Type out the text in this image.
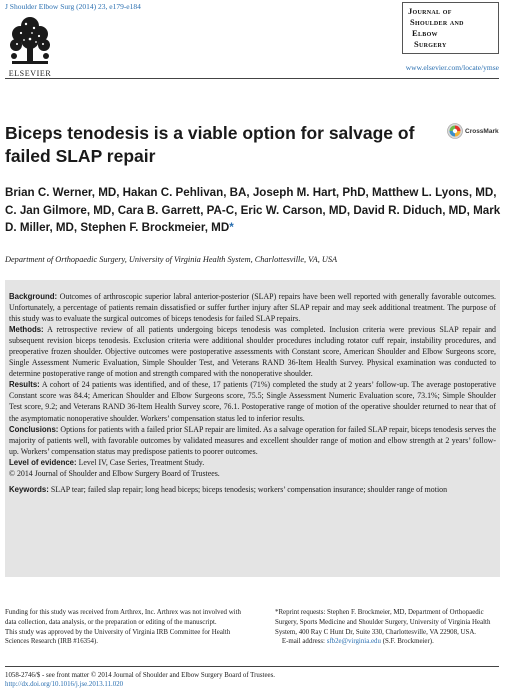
J Shoulder Elbow Surg (2014) 23, e179-e184
ELSEVIER
Journal of
Shoulder and
Elbow
Surgery
www.elsevier.com/locate/ymse
Biceps tenodesis is a viable option for salvage of failed SLAP repair
CrossMark
Brian C. Werner, MD, Hakan C. Pehlivan, BA, Joseph M. Hart, PhD, Matthew L. Lyons, MD, C. Jan Gilmore, MD, Cara B. Garrett, PA-C, Eric W. Carson, MD, David R. Diduch, MD, Mark D. Miller, MD, Stephen F. Brockmeier, MD*
Department of Orthopaedic Surgery, University of Virginia Health System, Charlottesville, VA, USA

Background: Outcomes of arthroscopic superior labral anterior-posterior (SLAP) repairs have been well reported with generally favorable outcomes. Unfortunately, a percentage of patients remain dissatisfied or suffer further injury after SLAP repair and may seek additional treatment. The purpose of this study was to evaluate the surgical outcomes of biceps tenodesis for failed SLAP repairs.

Methods: A retrospective review of all patients undergoing biceps tenodesis was completed. Inclusion criteria were previous SLAP repair and subsequent revision biceps tenodesis. Exclusion criteria were additional shoulder procedures including rotator cuff repair, instability procedures, and preoperative frozen shoulder. Objective outcomes were postoperative assessments with Constant score, American Shoulder and Elbow Surgeons score, Single Assessment Numeric Evaluation, Simple Shoulder Test, and Veterans RAND 36-Item Health Survey. Physical examination was conducted to determine postoperative range of motion and strength compared with the nonoperative shoulder.

Results: A cohort of 24 patients was identified, and of these, 17 patients (71%) completed the study at 2 years’ follow-up. The average postoperative Constant score was 84.4; American Shoulder and Elbow Surgeons score, 75.5; Single Assessment Numeric Evaluation score, 73.1%; Simple Shoulder Test score, 9.2; and Veterans RAND 36-Item Health Survey score, 76.1. Postoperative range of motion of the operative shoulder returned to near that of the asymptomatic nonoperative shoulder. Workers’ compensation status led to inferior results.

Conclusions: Options for patients with a failed prior SLAP repair are limited. As a salvage operation for failed SLAP repair, biceps tenodesis serves the majority of patients well, with favorable outcomes by validated measures and excellent shoulder range of motion and elbow strength at 2 years’ follow-up. Workers’ compensation status may predispose patients to poorer outcomes.

Level of evidence: Level IV, Case Series, Treatment Study.

© 2014 Journal of Shoulder and Elbow Surgery Board of Trustees.

Keywords: SLAP tear; failed slap repair; long head biceps; biceps tenodesis; workers’ compensation insurance; shoulder range of motion

Funding for this study was received from Arthrex, Inc. Arthrex was not involved with data collection, data analysis, or the preparation or editing of the manuscript.

This study was approved by the University of Virginia IRB Committee for Health Sciences Research (IRB #16354).

*Reprint requests: Stephen F. Brockmeier, MD, Department of Orthopaedic Surgery, Sports Medicine and Shoulder Surgery, University of Virginia Health System, 400 Ray C Hunt Dr, Suite 330, Charlottesville, VA 22908, USA.

E-mail address: sfb2e@virginia.edu (S.F. Brockmeier).

1058-2746/$ - see front matter © 2014 Journal of Shoulder and Elbow Surgery Board of Trustees.
http://dx.doi.org/10.1016/j.jse.2013.11.020
